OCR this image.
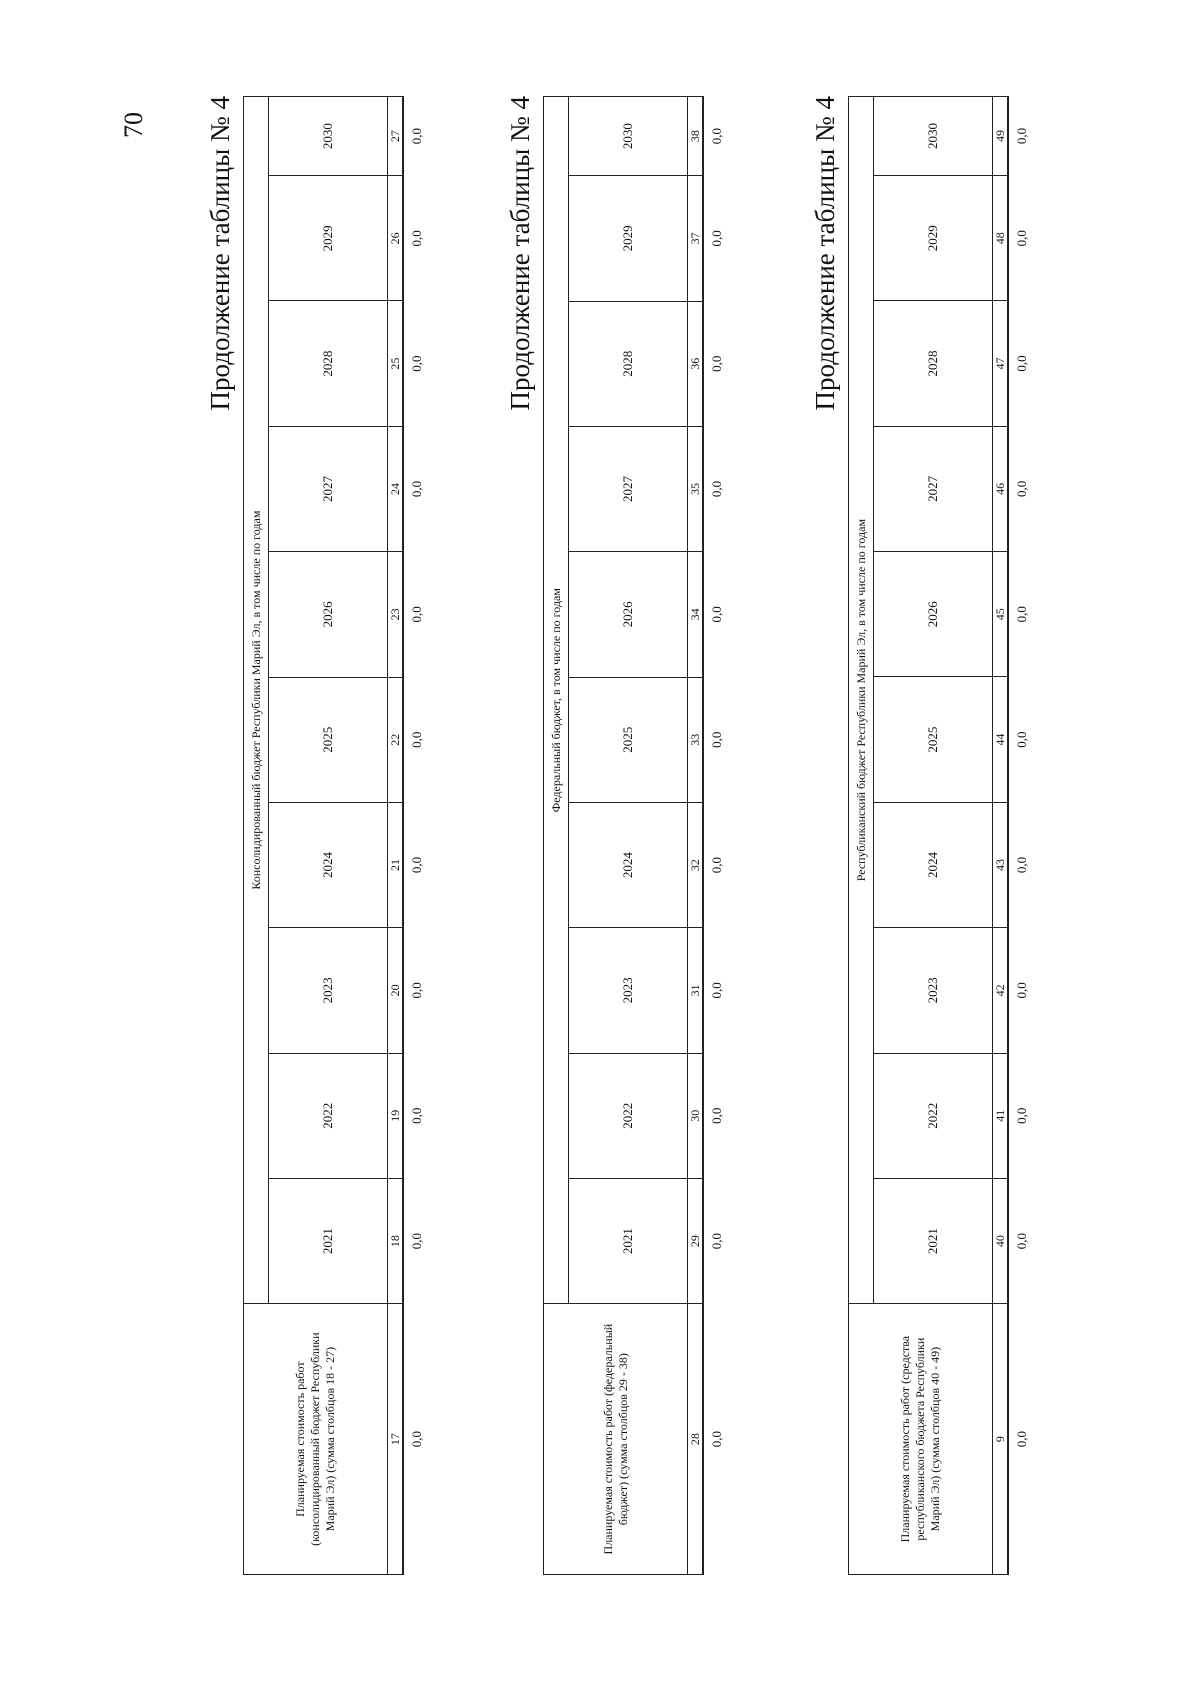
70 Продолжение таблицы № 4
Планируемая стоимость работ (консолидированный бюджет Республики Марий Эл) (сумма столбцов 18 - 27)	Консолидированный бюджет Республики Марий Эл, в том числе по годам									
	2021	2022	2023	2024	2025	2026	2027	2028	2029	2030
17	18	19	20	21	22	23	24	25	26	27
0,0	0,0	0,0	0,0	0,0	0,0	0,0	0,0	0,0	0,0	0,0	Продолжение таблицы № 4
Планируемая стоимость работ (федеральный бюджет) (сумма столбцов 29 - 38)	Федеральный бюджет, в том числе по годам									
	2021	2022	2023	2024	2025	2026	2027	2028	2029	2030
28	29	30	31	32	33	34	35	36	37	38
0,0	0,0	0,0	0,0	0,0	0,0	0,0	0,0	0,0	0,0	0,0	Продолжение таблицы № 4
Планируемая стоимость работ (средства республиканского бюджета Республики Марий Эл) (сумма столбцов 40 - 49)	Республиканский бюджет Республики Марий Эл, в том числе по годам									
	2021	2022	2023	2024	2025	2026	2027	2028	2029	2030
9	40	41	42	43	44	45	46	47	48	49
0,0	0,0	0,0	0,0	0,0	0,0	0,0	0,0	0,0	0,0	0,0
